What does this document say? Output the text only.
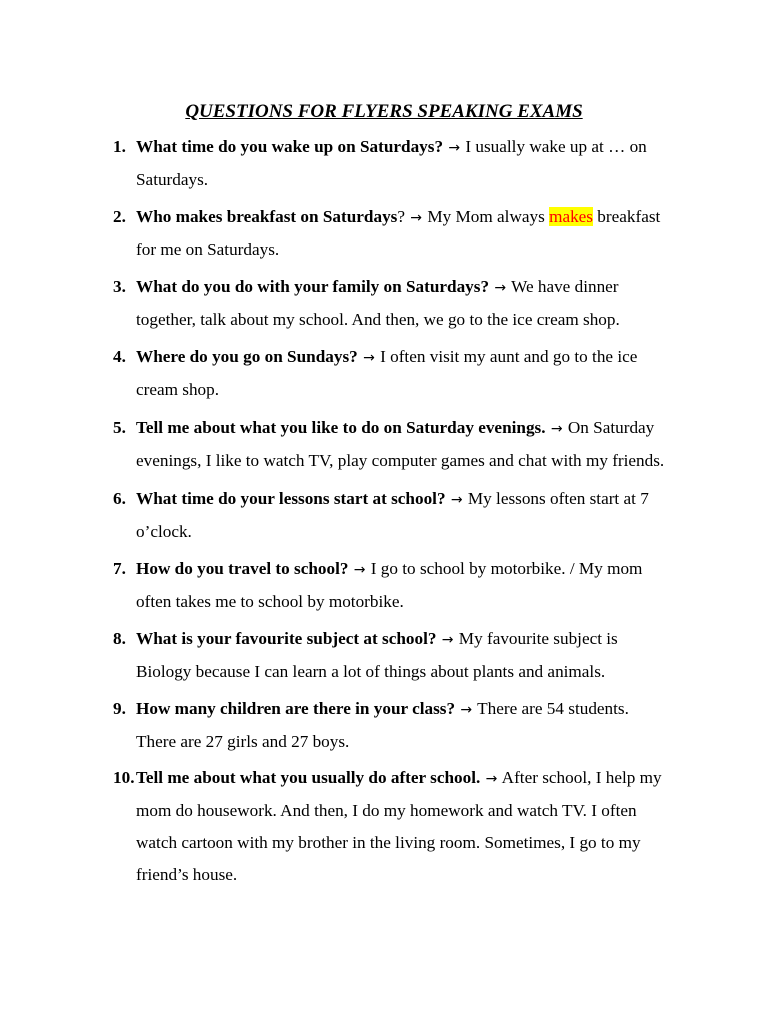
QUESTIONS FOR FLYERS SPEAKING EXAMS
1. What time do you wake up on Saturdays? → I usually wake up at … on
Saturdays.
2. Who makes breakfast on Saturdays? → My Mom always makes breakfast
for me on Saturdays.
3. What do you do with your family on Saturdays? → We have dinner
together, talk about my school. And then, we go to the ice cream shop.
4. Where do you go on Sundays? → I often visit my aunt and go to the ice
cream shop.
5. Tell me about what you like to do on Saturday evenings. → On Saturday
evenings, I like to watch TV, play computer games and chat with my friends.
6. What time do your lessons start at school? → My lessons often start at 7
o’clock.
7. How do you travel to school? → I go to school by motorbike. / My mom
often takes me to school by motorbike.
8. What is your favourite subject at school? → My favourite subject is
Biology because I can learn a lot of things about plants and animals.
9. How many children are there in your class? → There are 54 students.
There are 27 girls and 27 boys.
10. Tell me about what you usually do after school. → After school, I help my
mom do housework. And then, I do my homework and watch TV. I often
watch cartoon with my brother in the living room. Sometimes, I go to my
friend’s house.
